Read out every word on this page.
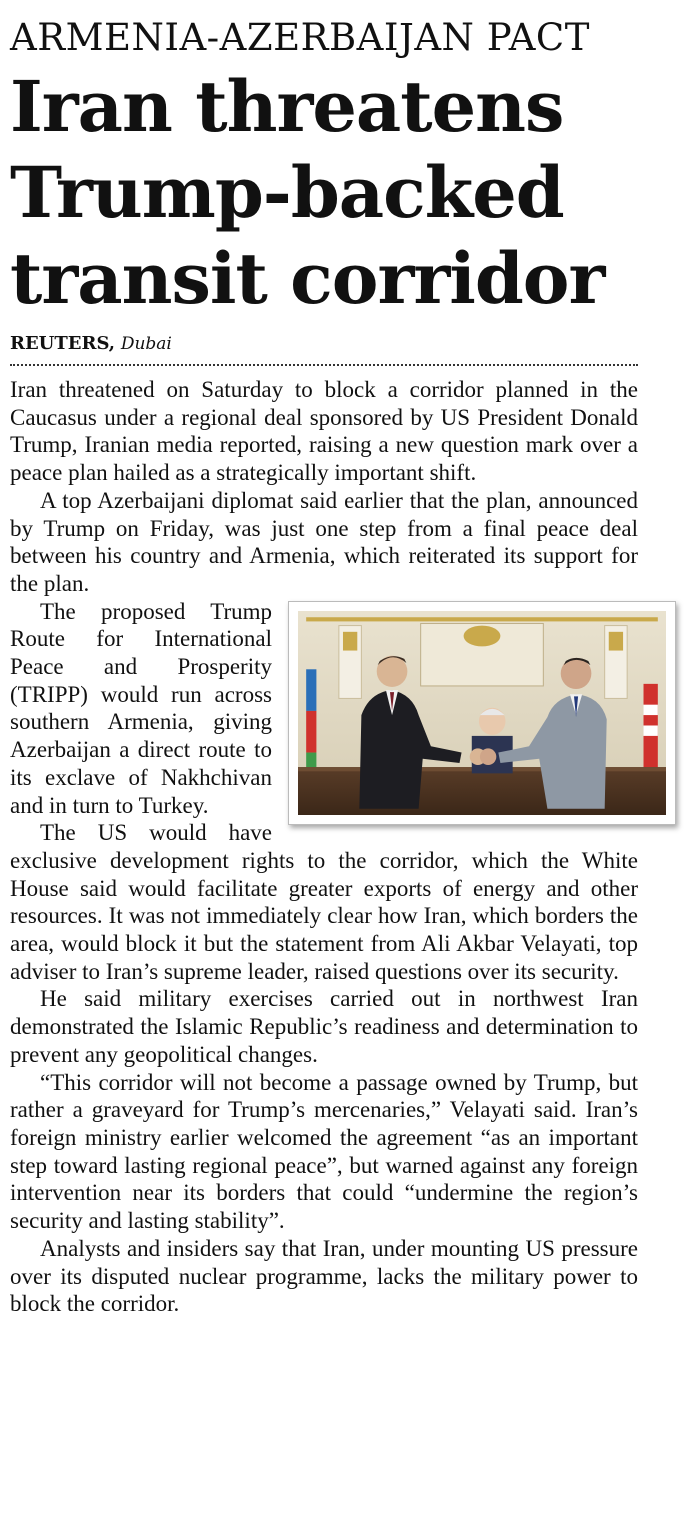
ARMENIA-AZERBAIJAN PACT
Iran threatens Trump-backed transit corridor
REUTERS, Dubai

Iran threatened on Saturday to block a corridor planned in the Caucasus under a regional deal sponsored by US President Donald Trump, Iranian media reported, raising a new question mark over a peace plan hailed as a strategically important shift.

A top Azerbaijani diplomat said earlier that the plan, announced by Trump on Friday, was just one step from a final peace deal between his country and Armenia, which reiterated its support for the plan.

The proposed Trump Route for International Peace and Prosperity (TRIPP) would run across southern Armenia, giving Azerbaijan a direct route to its exclave of Nakhchivan and in turn to Turkey.

The US would have exclusive development rights to the corridor, which the White House said would facilitate greater exports of energy and other resources. It was not immediately clear how Iran, which borders the area, would block it but the statement from Ali Akbar Velayati, top adviser to Iran’s supreme leader, raised questions over its security.

He said military exercises carried out in northwest Iran demonstrated the Islamic Republic’s readiness and determination to prevent any geopolitical changes.

“This corridor will not become a passage owned by Trump, but rather a graveyard for Trump’s mercenaries,” Velayati said. Iran’s foreign ministry earlier welcomed the agreement “as an important step toward lasting regional peace”, but warned against any foreign intervention near its borders that could “undermine the region’s security and lasting stability”.

Analysts and insiders say that Iran, under mounting US pressure over its disputed nuclear programme, lacks the military power to block the corridor.
